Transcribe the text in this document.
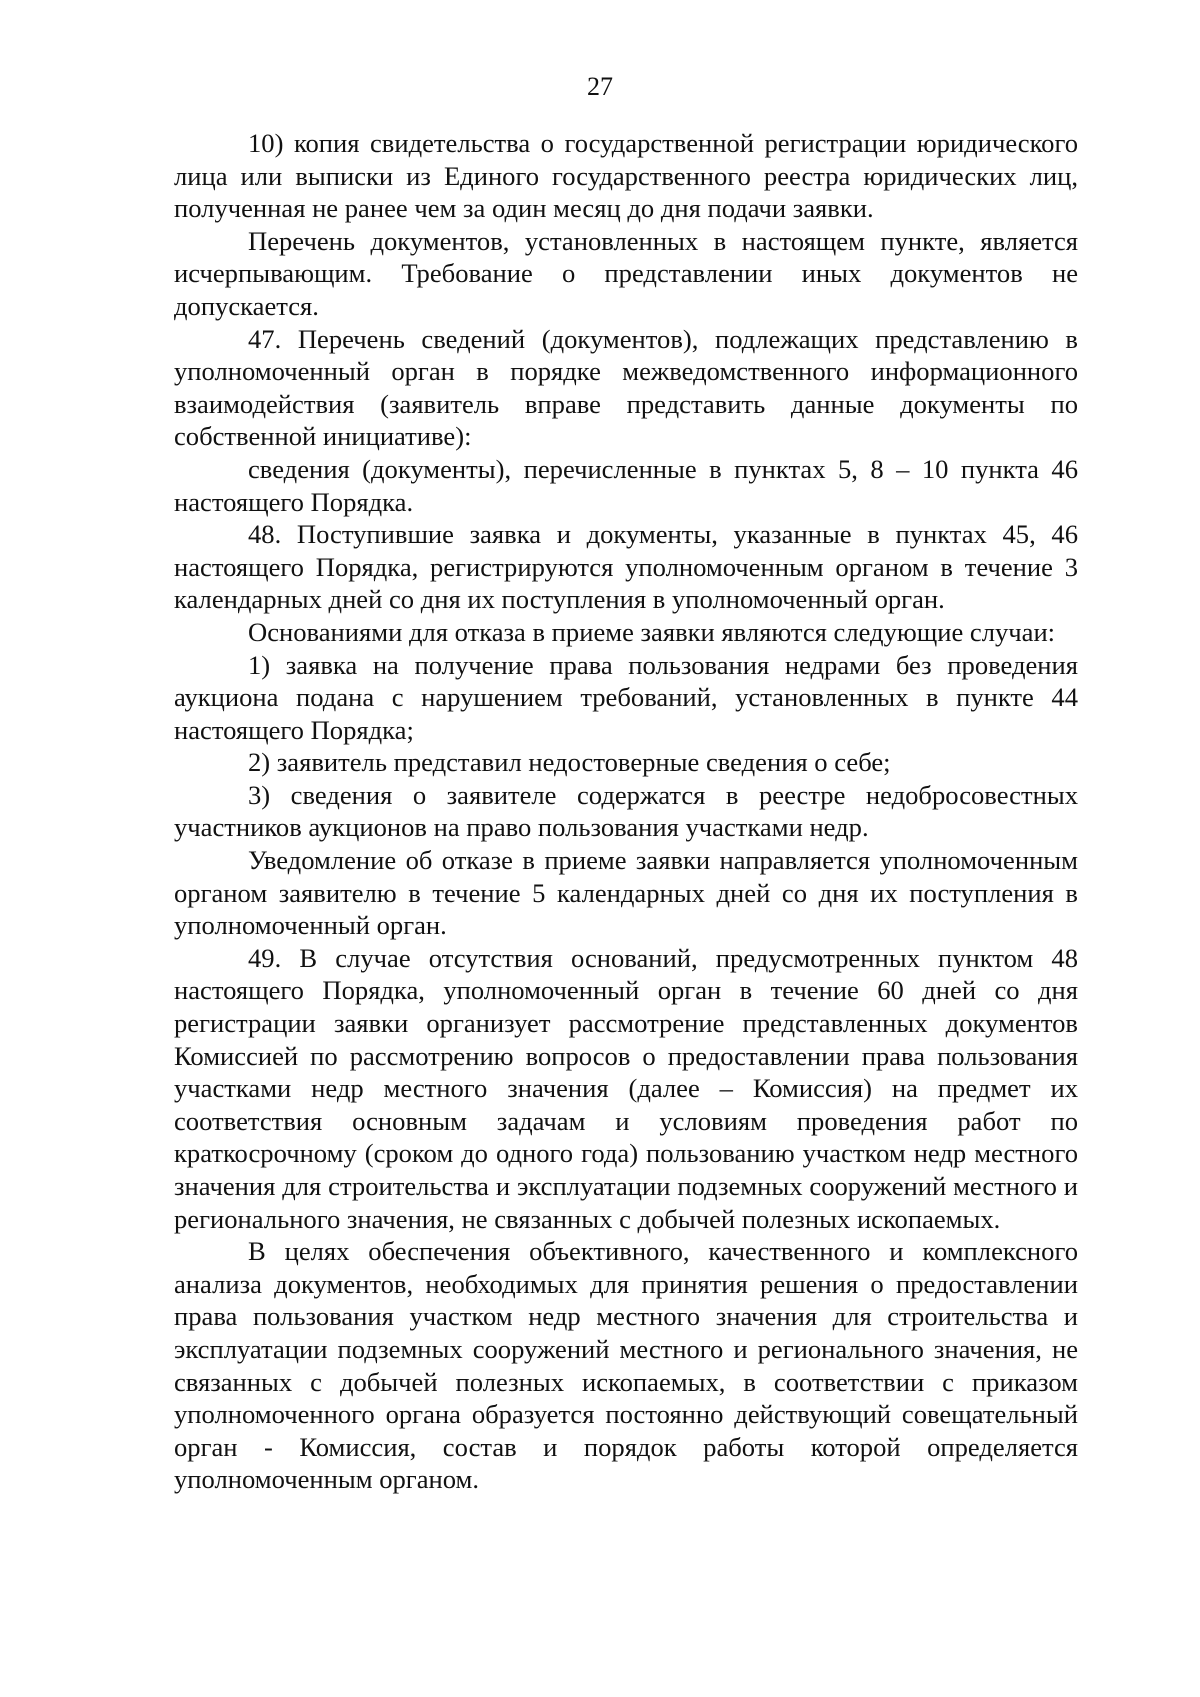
27

10) копия свидетельства о государственной регистрации юридического лица или выписки из Единого государственного реестра юридических лиц, полученная не ранее чем за один месяц до дня подачи заявки.

Перечень документов, установленных в настоящем пункте, является исчерпывающим. Требование о представлении иных документов не допускается.

47. Перечень сведений (документов), подлежащих представлению в уполномоченный орган в порядке межведомственного информационного взаимодействия (заявитель вправе представить данные документы по собственной инициативе):

сведения (документы), перечисленные в пунктах 5, 8 – 10 пункта 46 настоящего Порядка.

48. Поступившие заявка и документы, указанные в пунктах 45, 46 настоящего Порядка, регистрируются уполномоченным органом в течение 3 календарных дней со дня их поступления в уполномоченный орган.

Основаниями для отказа в приеме заявки являются следующие случаи:

1) заявка на получение права пользования недрами без проведения аукциона подана с нарушением требований, установленных в пункте 44 настоящего Порядка;

2) заявитель представил недостоверные сведения о себе;

3) сведения о заявителе содержатся в реестре недобросовестных участников аукционов на право пользования участками недр.

Уведомление об отказе в приеме заявки направляется уполномоченным органом заявителю в течение 5 календарных дней со дня их поступления в уполномоченный орган.

49. В случае отсутствия оснований, предусмотренных пунктом 48 настоящего Порядка, уполномоченный орган в течение 60 дней со дня регистрации заявки организует рассмотрение представленных документов Комиссией по рассмотрению вопросов о предоставлении права пользования участками недр местного значения (далее – Комиссия) на предмет их соответствия основным задачам и условиям проведения работ по краткосрочному (сроком до одного года) пользованию участком недр местного значения для строительства и эксплуатации подземных сооружений местного и регионального значения, не связанных с добычей полезных ископаемых.

В целях обеспечения объективного, качественного и комплексного анализа документов, необходимых для принятия решения о предоставлении права пользования участком недр местного значения для строительства и эксплуатации подземных сооружений местного и регионального значения, не связанных с добычей полезных ископаемых, в соответствии с приказом уполномоченного органа образуется постоянно действующий совещательный орган - Комиссия, состав и порядок работы которой определяется уполномоченным органом.
